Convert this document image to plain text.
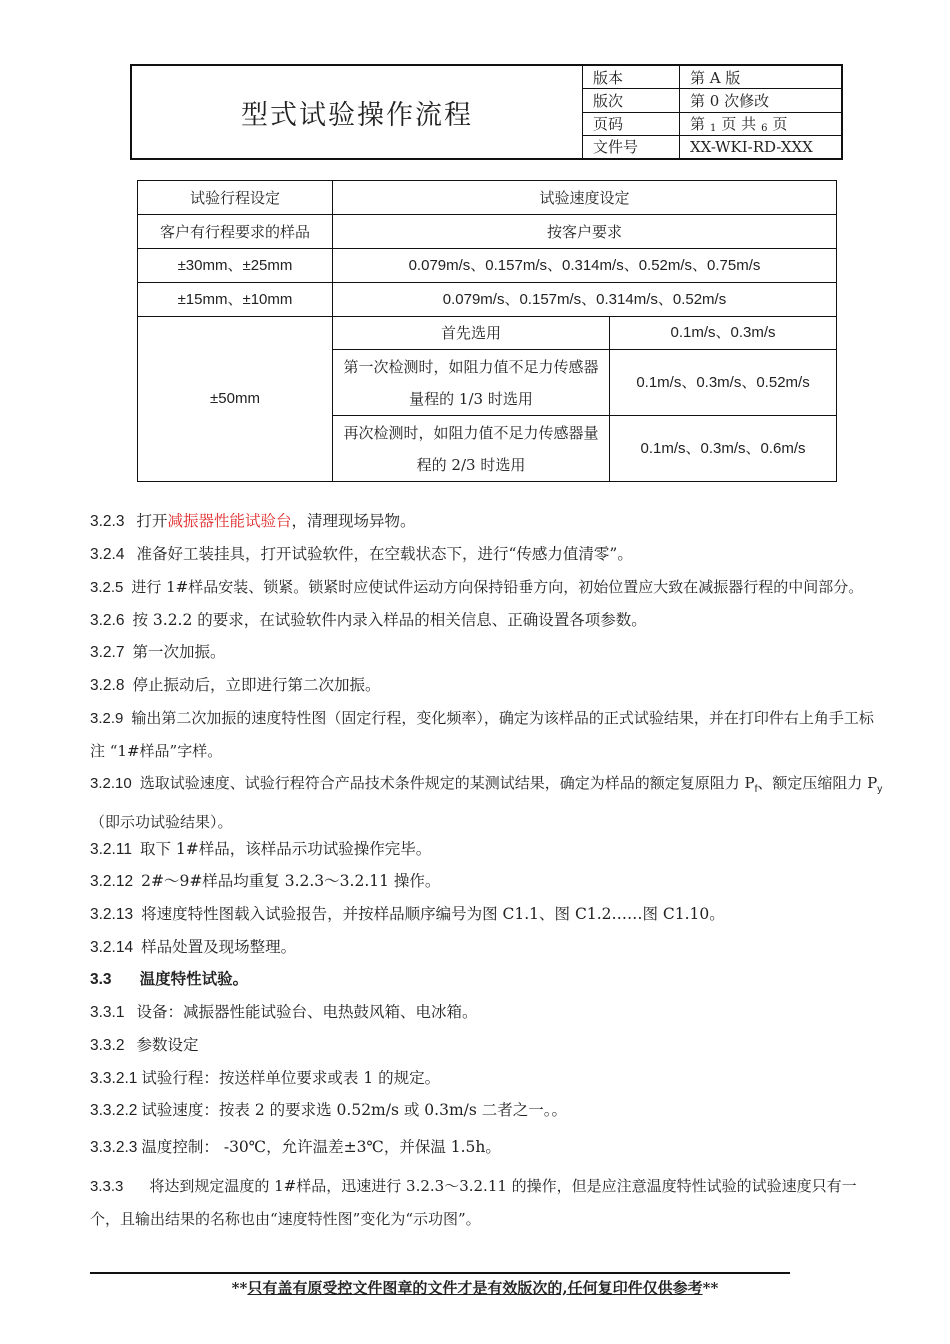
型式试验操作流程
版本	第 A 版
版次	第 0 次修改
页码	第 1 页 共 6 页
文件号	XX-WKI-RD-XXX
试验行程设定	试验速度设定	
客户有行程要求的样品	按客户要求	
±30mm、±25mm	0.079m/s、0.157m/s、0.314m/s、0.52m/s、0.75m/s	
±15mm、±10mm	0.079m/s、0.157m/s、0.314m/s、0.52m/s	
±50mm	首先选用	0.1m/s、0.3m/s
	第一次检测时，如阻力值不足力传感器量程的 1/3 时选用	0.1m/s、0.3m/s、0.52m/s
	再次检测时，如阻力值不足力传感器量程的 2/3 时选用	0.1m/s、0.3m/s、0.6m/s
3.2.3 打开减振器性能试验台，清理现场异物。
3.2.4 准备好工装挂具，打开试验软件，在空载状态下，进行“传感力值清零”。
3.2.5 进行 1#样品安装、锁紧。锁紧时应使试件运动方向保持铅垂方向，初始位置应大致在减振器行程的中间部分。
3.2.6 按 3.2.2 的要求，在试验软件内录入样品的相关信息、正确设置各项参数。
3.2.7 第一次加振。
3.2.8 停止振动后，立即进行第二次加振。
3.2.9 输出第二次加振的速度特性图（固定行程，变化频率），确定为该样品的正式试验结果，并在打印件右上角手工标注 “1#样品”字样。
3.2.10 选取试验速度、试验行程符合产品技术条件规定的某测试结果，确定为样品的额定复原阻力 $P_f$、额定压缩阻力 $P_y$（即示功试验结果）。
3.2.11 取下 1#样品，该样品示功试验操作完毕。
3.2.12 2#～9#样品均重复 3.2.3～3.2.11 操作。
3.2.13 将速度特性图载入试验报告，并按样品顺序编号为图 C1.1、图 C1.2……图 C1.10。
3.2.14 样品处置及现场整理。
3.3 温度特性试验。
3.3.1 设备：减振器性能试验台、电热鼓风箱、电冰箱。
3.3.2 参数设定
3.3.2.1 试验行程：按送样单位要求或表 1 的规定。
3.3.2.2 试验速度：按表 2 的要求选 0.52m/s 或 0.3m/s 二者之一。。
3.3.2.3 温度控制： -30℃，允许温差±3℃，并保温 1.5h。
3.3.3 将达到规定温度的 1#样品，迅速进行 3.2.3～3.2.11 的操作，但是应注意温度特性试验的试验速度只有一个，且输出结果的名称也由“速度特性图”变化为“示功图”。
**只有盖有原受控文件图章的文件才是有效版次的,任何复印件仅供参考**
